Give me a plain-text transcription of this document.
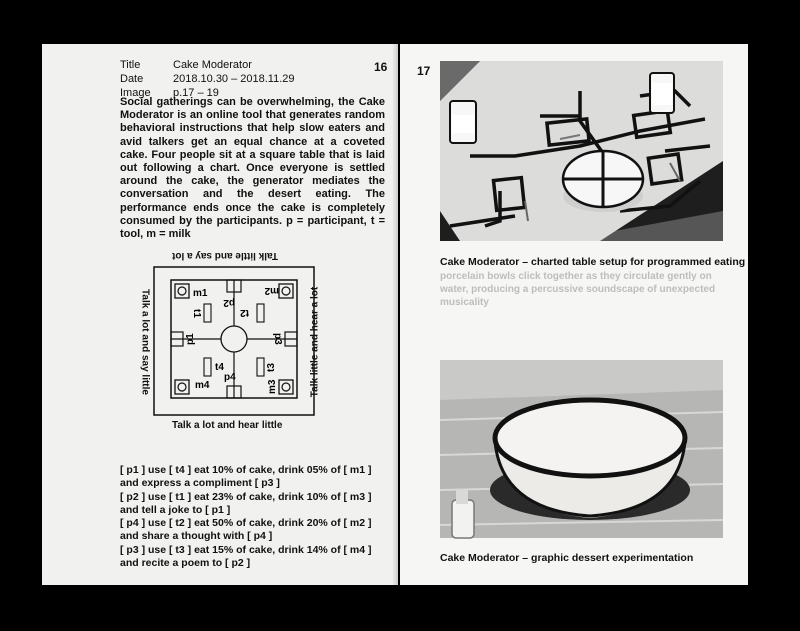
16
Title	Cake Moderator
Date	2018.10.30 – 2018.11.29
Image	p.17 – 19
Social gatherings can be overwhelming, the Cake Moderator is an online tool that generates random behavioral instructions that help slow eaters and avid talkers get an equal chance at a coveted cake. Four people sit at a square table that is laid out following a chart. Once everyone is settled around the cake, the generator mediates the conversation and the desert eating. The performance ends once the cake is completely consumed by the participants. p = participant, t = tool, m = milk
Talk little and say a lot
m1	m2
m4	m3
p2
p4
p1	p3
t1	t2
t3
t4
Talk a lot and say little	Talk little and hear a lot
Talk a lot and hear little
[ p1 ] use [ t4 ] eat 10% of cake, drink 05% of [ m1 ]
and express a compliment [ p3 ]
[ p2 ] use [ t1 ] eat 23% of cake, drink 10% of [ m3 ]
and tell a joke to [ p1 ]
[ p4 ] use [ t2 ] eat 50% of cake, drink 20% of [ m2 ]
and share a thought with [ p4 ]
[ p3 ] use [ t3 ] eat 15% of cake, drink 14% of [ m4 ]
and recite a poem to [ p2 ]
17
Cake Moderator – charted table setup for programmed eating
porcelain bowls click together as they circulate gently on water, producing a percussive soundscape of unexpected musicality
Cake Moderator – graphic dessert experimentation
